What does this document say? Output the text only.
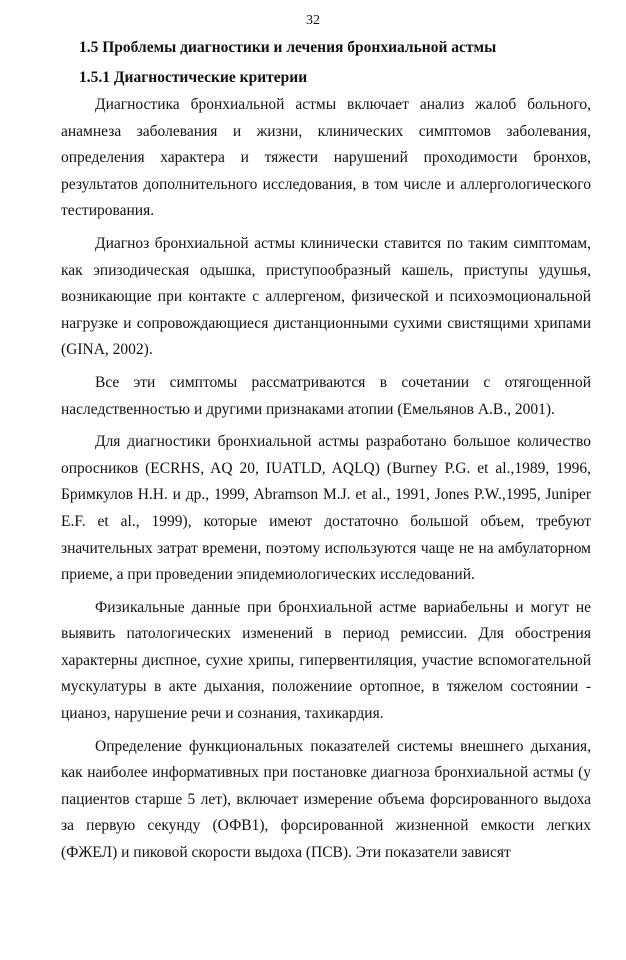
32
1.5 Проблемы диагностики и лечения бронхиальной астмы
1.5.1 Диагностические критерии

Диагностика бронхиальной астмы включает анализ жалоб больного, анамнеза заболевания и жизни, клинических симптомов заболевания, определения характера и тяжести нарушений проходимости бронхов, результатов дополнительного исследования, в том числе и аллергологического тестирования.

Диагноз бронхиальной астмы клинически ставится по таким симптомам, как эпизодическая одышка, приступообразный кашель, приступы удушья, возникающие при контакте с аллергеном, физической и психоэмоциональной нагрузке и сопровождающиеся дистанционными сухими свистящими хрипами (GINA, 2002).

Все эти симптомы рассматриваются в сочетании с отягощенной наследственностью и другими признаками атопии (Емельянов А.В., 2001).

Для диагностики бронхиальной астмы разработано большое количество опросников (ECRHS, AQ 20, IUATLD, AQLQ) (Burney P.G. et al.,1989, 1996, Бримкулов Н.Н. и др., 1999, Abramson M.J. et al., 1991, Jones P.W.,1995, Juniper E.F. et al., 1999), которые имеют достаточно большой объем, требуют значительных затрат времени, поэтому используются чаще не на амбулаторном приеме, а при проведении эпидемиологических исследований.

Физикальные данные при бронхиальной астме вариабельны и могут не выявить патологических изменений в период ремиссии. Для обострения характерны диспное, сухие хрипы, гипервентиляция, участие вспомогательной мускулатуры в акте дыхания, положениие ортопное, в тяжелом состоянии - цианоз, нарушение речи и сознания, тахикардия.

Определение функциональных показателей системы внешнего дыхания, как наиболее информативных при постановке диагноза бронхиальной астмы (у пациентов старше 5 лет), включает измерение объема форсированного выдоха за первую секунду (ОФВ1), форсированной жизненной емкости легких (ФЖЕЛ) и пиковой скорости выдоха (ПСВ). Эти показатели зависят
